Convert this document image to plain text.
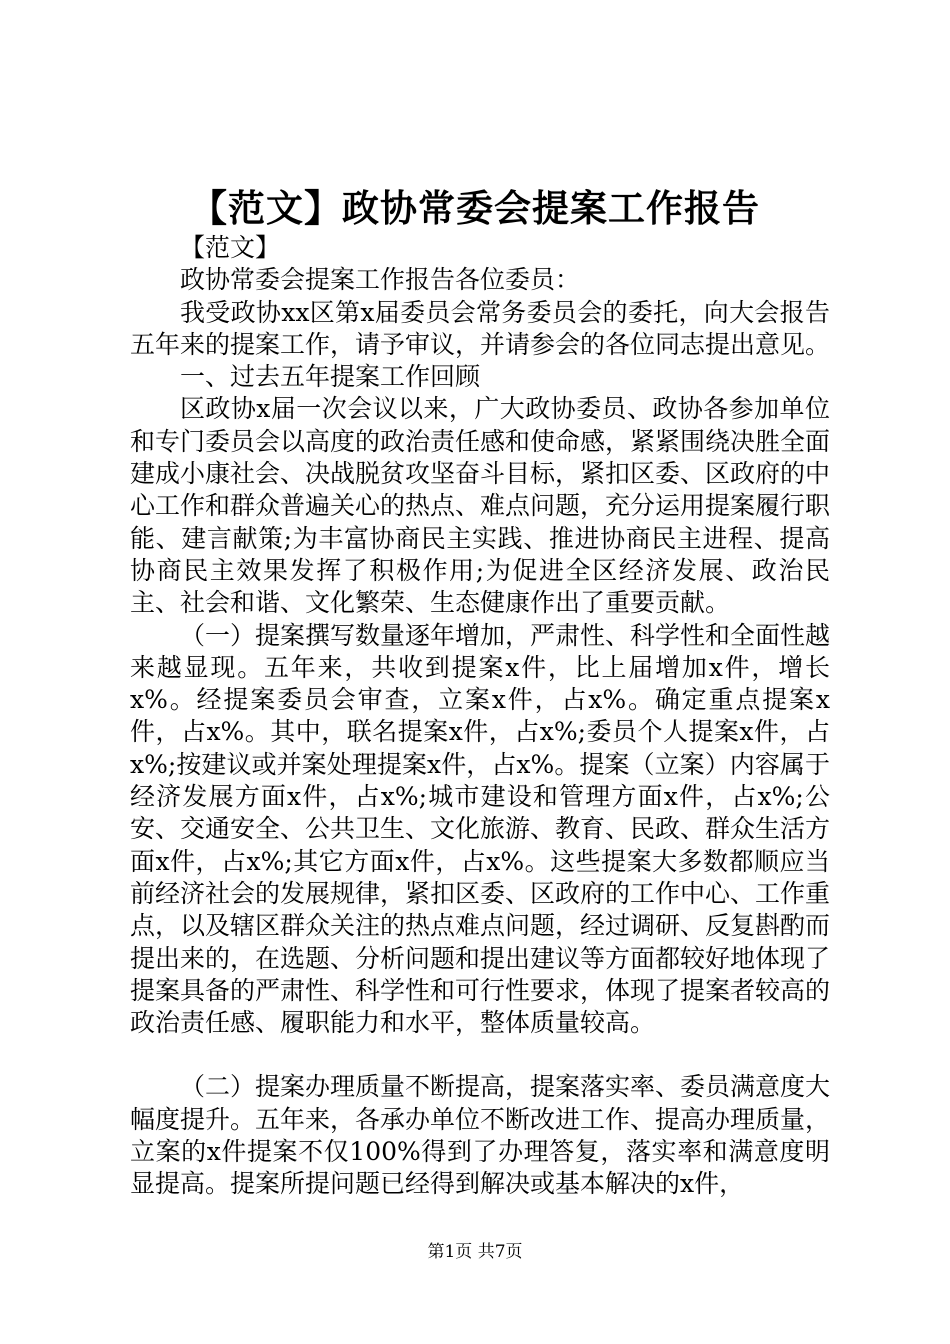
【范文】政协常委会提案工作报告

【范文】

政协常委会提案工作报告各位委员：

我受政协xx区第x届委员会常务委员会的委托，向大会报告五年来的提案工作，请予审议，并请参会的各位同志提出意见。

一、过去五年提案工作回顾

区政协x届一次会议以来，广大政协委员、政协各参加单位和专门委员会以高度的政治责任感和使命感，紧紧围绕决胜全面建成小康社会、决战脱贫攻坚奋斗目标，紧扣区委、区政府的中心工作和群众普遍关心的热点、难点问题，充分运用提案履行职能、建言献策;为丰富协商民主实践、推进协商民主进程、提高协商民主效果发挥了积极作用;为促进全区经济发展、政治民主、社会和谐、文化繁荣、生态健康作出了重要贡献。

（一）提案撰写数量逐年增加，严肃性、科学性和全面性越来越显现。五年来，共收到提案x件，比上届增加x件，增长x%。经提案委员会审查，立案x件，占x%。确定重点提案x件，占x%。其中，联名提案x件，占x%;委员个人提案x件，占x%;按建议或并案处理提案x件，占x%。提案（立案）内容属于经济发展方面x件，占x%;城市建设和管理方面x件，占x%;公安、交通安全、公共卫生、文化旅游、教育、民政、群众生活方面x件，占x%;其它方面x件，占x%。这些提案大多数都顺应当前经济社会的发展规律，紧扣区委、区政府的工作中心、工作重点，以及辖区群众关注的热点难点问题，经过调研、反复斟酌而提出来的，在选题、分析问题和提出建议等方面都较好地体现了提案具备的严肃性、科学性和可行性要求，体现了提案者较高的政治责任感、履职能力和水平，整体质量较高。

（二）提案办理质量不断提高，提案落实率、委员满意度大幅度提升。五年来，各承办单位不断改进工作、提高办理质量，立案的x件提案不仅100%得到了办理答复，落实率和满意度明显提高。提案所提问题已经得到解决或基本解决的x件，

第1页 共7页
